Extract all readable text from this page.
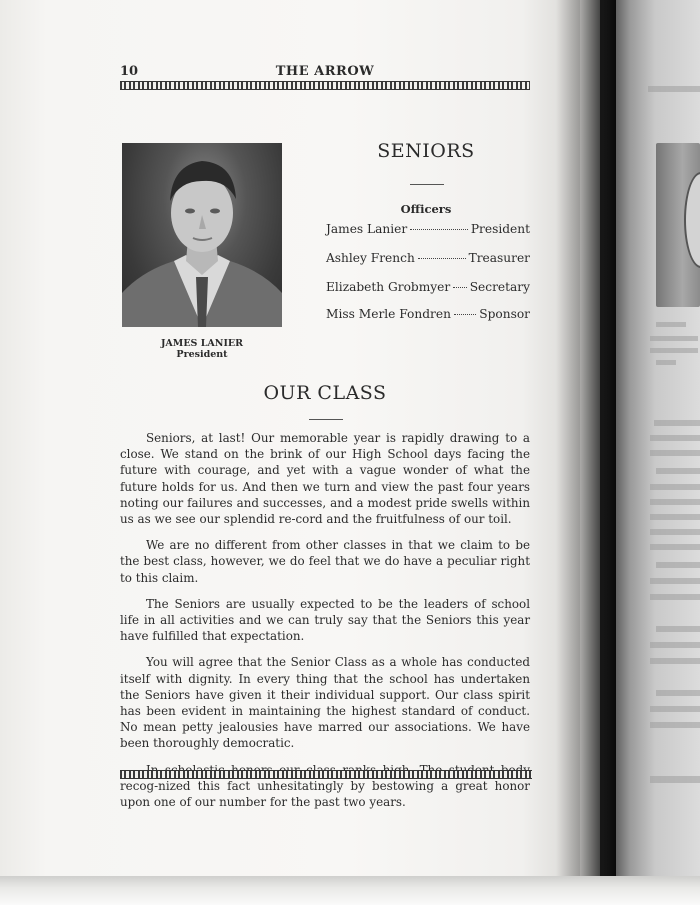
10	THE ARROW
JAMES LANIER
President
SENIORS
Officers
James Lanier	President
Ashley French	Treasurer
Elizabeth Grobmyer Secretary
Miss Merle Fondren Sponsor
OUR CLASS

Seniors, at last! Our memorable year is rapidly drawing to a close. We stand on the brink of our High School days facing the future with courage, and yet with a vague wonder of what the future holds for us. And then we turn and view the past four years noting our failures and successes, and a modest pride swells within us as we see our splendid re-cord and the fruitfulness of our toil.

We are no different from other classes in that we claim to be the best class, however, we do feel that we do have a peculiar right to this claim.

The Seniors are usually expected to be the leaders of school life in all activities and we can truly say that the Seniors this year have fulfilled that expectation.

You will agree that the Senior Class as a whole has conducted itself with dignity. In every thing that the school has undertaken the Seniors have given it their individual support. Our class spirit has been evident in maintaining the highest standard of conduct. No mean petty jealousies have marred our associations. We have been thoroughly democratic.

recog-nized this fact unhesitatingly by bestowing a great honor upon one of our number for the past two years.
